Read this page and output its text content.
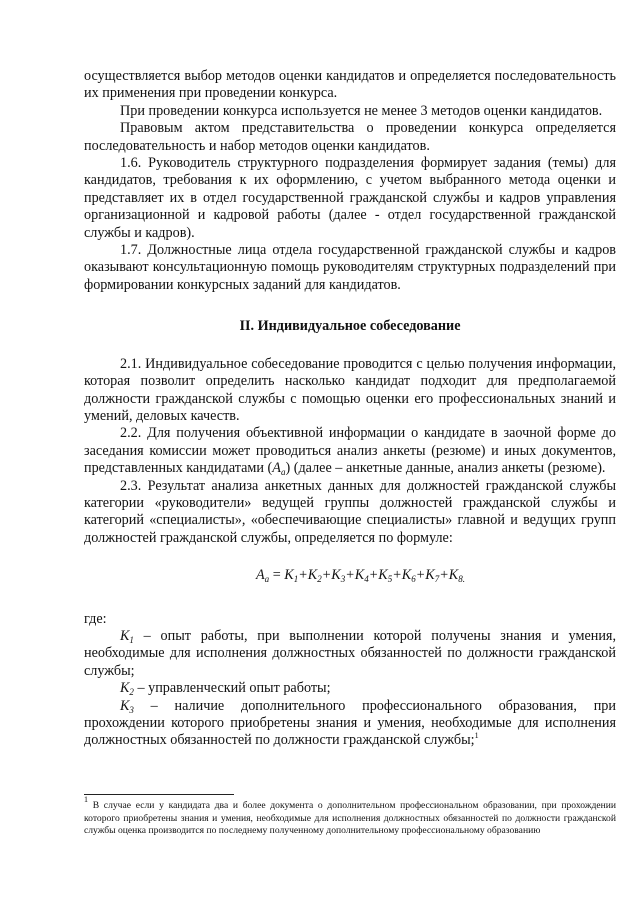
осуществляется выбор методов оценки кандидатов и определяется последовательность их применения при проведении конкурса.

При проведении конкурса используется не менее 3 методов оценки кандидатов.

Правовым актом представительства о проведении конкурса определяется последовательность и набор методов оценки кандидатов.

1.6. Руководитель структурного подразделения формирует задания (темы) для кандидатов, требования к их оформлению, с учетом выбранного метода оценки и представляет их в отдел государственной гражданской службы и кадров управления организационной и кадровой работы (далее - отдел государственной гражданской службы и кадров).

1.7. Должностные лица отдела государственной гражданской службы и кадров оказывают консультационную помощь руководителям структурных подразделений при формировании конкурсных заданий для кандидатов.

II. Индивидуальное собеседование

2.1. Индивидуальное собеседование проводится с целью получения информации, которая позволит определить насколько кандидат подходит для предполагаемой должности гражданской службы с помощью оценки его профессиональных знаний и умений, деловых качеств.

2.2. Для получения объективной информации о кандидате в заочной форме до заседания комиссии может проводиться анализ анкеты (резюме) и иных документов, представленных кандидатами $(А_а)$ (далее – анкетные данные, анализ анкеты (резюме).

2.3. Результат анализа анкетных данных для должностей гражданской службы категории «руководители» ведущей группы должностей гражданской службы и категорий «специалисты», «обеспечивающие специалисты» главной и ведущих групп должностей гражданской службы, определяется по формуле:

$А_а = К_1+К_2+К_3+К_4+К_5+К_6+К_7+К_{8.}$

где:

$К_1$ – опыт работы, при выполнении которой получены знания и умения, необходимые для исполнения должностных обязанностей по должности гражданской службы;

$К_2$ – управленческий опыт работы;

$К_3$ – наличие дополнительного профессионального образования, при прохождении которого приобретены знания и умения, необходимые для исполнения должностных обязанностей по должности гражданской службы;$^1$

$^1$ В случае если у кандидата два и более документа о дополнительном профессиональном образовании, при прохождении которого приобретены знания и умения, необходимые для исполнения должностных обязанностей по должности гражданской службы оценка производится по последнему полученному дополнительному профессиональному образованию
